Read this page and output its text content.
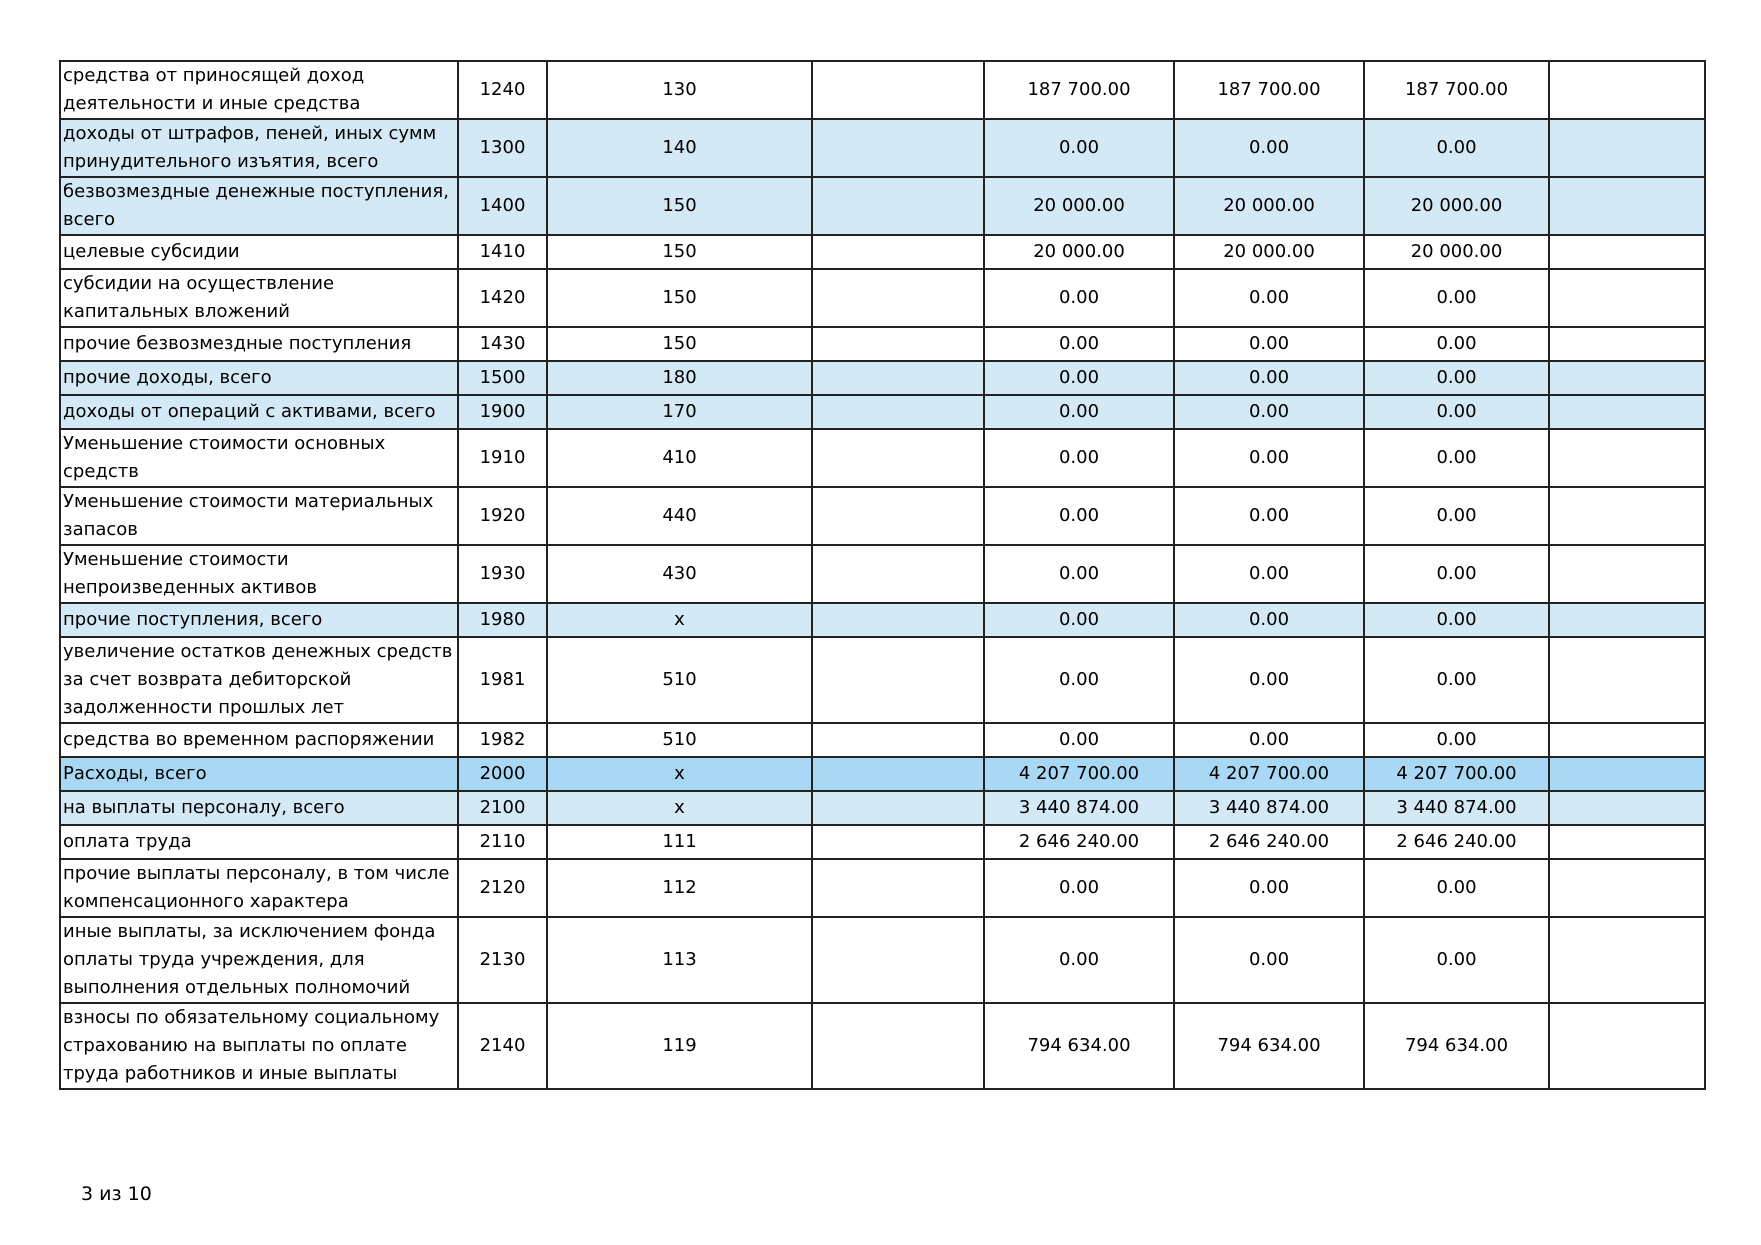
средства от приносящей доход деятельности и иные средства	1240	130		187 700.00	187 700.00	187 700.00	
доходы от штрафов, пеней, иных сумм принудительного изъятия, всего	1300	140		0.00	0.00	0.00	
безвозмездные денежные поступления, всего	1400	150		20 000.00	20 000.00	20 000.00	
целевые субсидии	1410	150		20 000.00	20 000.00	20 000.00	
субсидии на осуществление капитальных вложений	1420	150		0.00	0.00	0.00	
прочие безвозмездные поступления	1430	150		0.00	0.00	0.00	
прочие доходы, всего	1500	180		0.00	0.00	0.00	
доходы от операций с активами, всего	1900	170		0.00	0.00	0.00	
Уменьшение стоимости основных средств	1910	410		0.00	0.00	0.00	
Уменьшение стоимости материальных запасов	1920	440		0.00	0.00	0.00	
Уменьшение стоимости непроизведенных активов	1930	430		0.00	0.00	0.00	
прочие поступления, всего	1980	x		0.00	0.00	0.00	
увеличение остатков денежных средств за счет возврата дебиторской задолженности прошлых лет	1981	510		0.00	0.00	0.00	
средства во временном распоряжении	1982	510		0.00	0.00	0.00	
Расходы, всего	2000	x		4 207 700.00	4 207 700.00	4 207 700.00	
на выплаты персоналу, всего	2100	x		3 440 874.00	3 440 874.00	3 440 874.00	
оплата труда	2110	111		2 646 240.00	2 646 240.00	2 646 240.00	
прочие выплаты персоналу, в том числе компенсационного характера	2120	112		0.00	0.00	0.00	
иные выплаты, за исключением фонда оплаты труда учреждения, для выполнения отдельных полномочий	2130	113		0.00	0.00	0.00	
взносы по обязательному социальному страхованию на выплаты по оплате труда работников и иные выплаты	2140	119		794 634.00	794 634.00	794 634.00	
3 из 10
